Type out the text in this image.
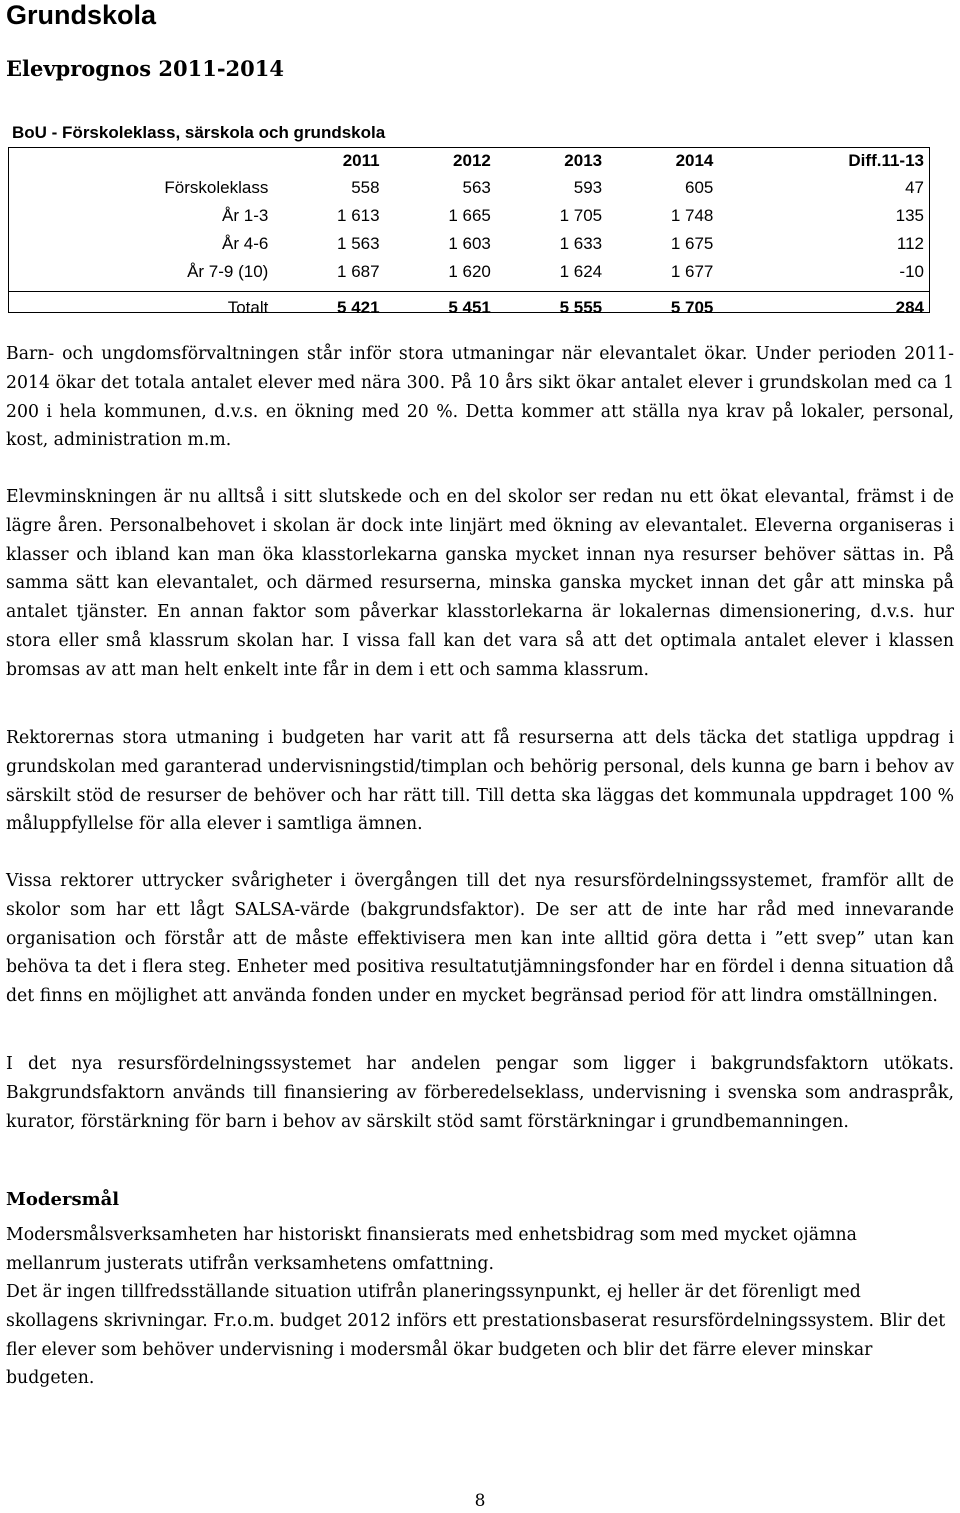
Grundskola
Elevprognos 2011-2014
BoU - Förskoleklass, särskola och grundskola
	2011	2012	2013	2014	Diff.11-13
Förskoleklass	558	563	593	605	47
År 1-3	1 613	1 665	1 705	1 748	135
År 4-6	1 563	1 603	1 633	1 675	112
År 7-9 (10)	1 687	1 620	1 624	1 677	-10

Totalt	5 421	5 451	5 555	5 705	284

Barn- och ungdomsförvaltningen står inför stora utmaningar när elevantalet ökar. Under perioden 2011-2014 ökar det totala antalet elever med nära 300. På 10 års sikt ökar antalet elever i grundskolan med ca 1 200 i hela kommunen, d.v.s. en ökning med 20 %. Detta kommer att ställa nya krav på lokaler, personal, kost, administration m.m.

Elevminskningen är nu alltså i sitt slutskede och en del skolor ser redan nu ett ökat elevantal, främst i de lägre åren. Personalbehovet i skolan är dock inte linjärt med ökning av elevantalet. Eleverna organiseras i klasser och ibland kan man öka klasstorlekarna ganska mycket innan nya resurser behöver sättas in. På samma sätt kan elevantalet, och därmed resurserna, minska ganska mycket innan det går att minska på antalet tjänster. En annan faktor som påverkar klasstorlekarna är lokalernas dimensionering, d.v.s. hur stora eller små klassrum skolan har. I vissa fall kan det vara så att det optimala antalet elever i klassen bromsas av att man helt enkelt inte får in dem i ett och samma klassrum.

Rektorernas stora utmaning i budgeten har varit att få resurserna att dels täcka det statliga uppdrag i grundskolan med garanterad undervisningstid/timplan och behörig personal, dels kunna ge barn i behov av särskilt stöd de resurser de behöver och har rätt till. Till detta ska läggas det kommunala uppdraget 100 % måluppfyllelse för alla elever i samtliga ämnen.

Vissa rektorer uttrycker svårigheter i övergången till det nya resursfördelningssystemet, framför allt de skolor som har ett lågt SALSA-värde (bakgrundsfaktor). De ser att de inte har råd med innevarande organisation och förstår att de måste effektivisera men kan inte alltid göra detta i ”ett svep” utan kan behöva ta det i flera steg. Enheter med positiva resultatutjämningsfonder har en fördel i denna situation då det finns en möjlighet att använda fonden under en mycket begränsad period för att lindra omställningen.

I det nya resursfördelningssystemet har andelen pengar som ligger i bakgrundsfaktorn utökats. Bakgrundsfaktorn används till finansiering av förberedelseklass, undervisning i svenska som andraspråk, kurator, förstärkning för barn i behov av särskilt stöd samt förstärkningar i grundbemanningen.

Modersmål

Modersmålsverksamheten har historiskt finansierats med enhetsbidrag som med mycket ojämna mellanrum justerats utifrån verksamhetens omfattning.

Det är ingen tillfredsställande situation utifrån planeringssynpunkt, ej heller är det förenligt med skollagens skrivningar. Fr.o.m. budget 2012 införs ett prestationsbaserat resursfördelningssystem. Blir det fler elever som behöver undervisning i modersmål ökar budgeten och blir det färre elever minskar budgeten.

8
